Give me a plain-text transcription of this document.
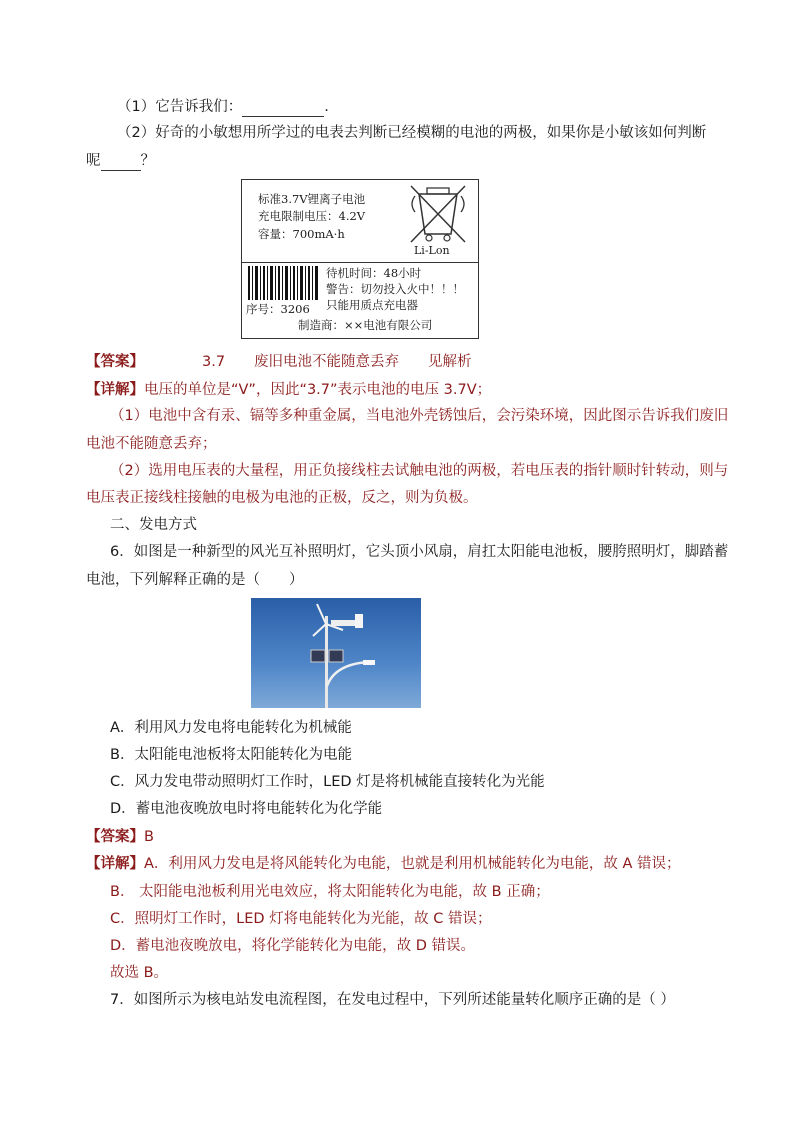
（1）它告诉我们：	.
（2）好奇的小敏想用所学过的电表去判断已经模糊的电池的两极，如果你是小敏该如何判断
呢	？
标准3.7V锂离子电池
充电限制电压：4.2V
容量：700mA·h
Li-Lon
待机时间：48小时
警告：切勿投入火中！！！
只能用质点充电器
序号：3206
制造商：××电池有限公司
【答案】	3.7 废旧电池不能随意丢弃 见解析
【详解】电压的单位是“V”，因此“3.7”表示电池的电压 3.7V；
（1）电池中含有汞、镉等多种重金属，当电池外壳锈蚀后，会污染环境，因此图示告诉我们废旧
电池不能随意丢弃；
（2）选用电压表的大量程，用正负接线柱去试触电池的两极，若电压表的指针顺时针转动，则与
电压表正接线柱接触的电极为电池的正极，反之，则为负极。
二、发电方式
6．如图是一种新型的风光互补照明灯，它头顶小风扇，肩扛太阳能电池板，腰胯照明灯，脚踏蓄
电池，下列解释正确的是（　　）
A．利用风力发电将电能转化为机械能
B．太阳能电池板将太阳能转化为电能
C．风力发电带动照明灯工作时，LED 灯是将机械能直接转化为光能
D．蓄电池夜晚放电时将电能转化为化学能
【答案】B
【详解】A．利用风力发电是将风能转化为电能，也就是利用机械能转化为电能，故 A 错误；
B． 太阳能电池板利用光电效应，将太阳能转化为电能，故 B 正确；
C．照明灯工作时，LED 灯将电能转化为光能，故 C 错误；
D．蓄电池夜晚放电，将化学能转化为电能，故 D 错误。
故选 B。
7．如图所示为核电站发电流程图，在发电过程中，下列所述能量转化顺序正确的是（ ）
